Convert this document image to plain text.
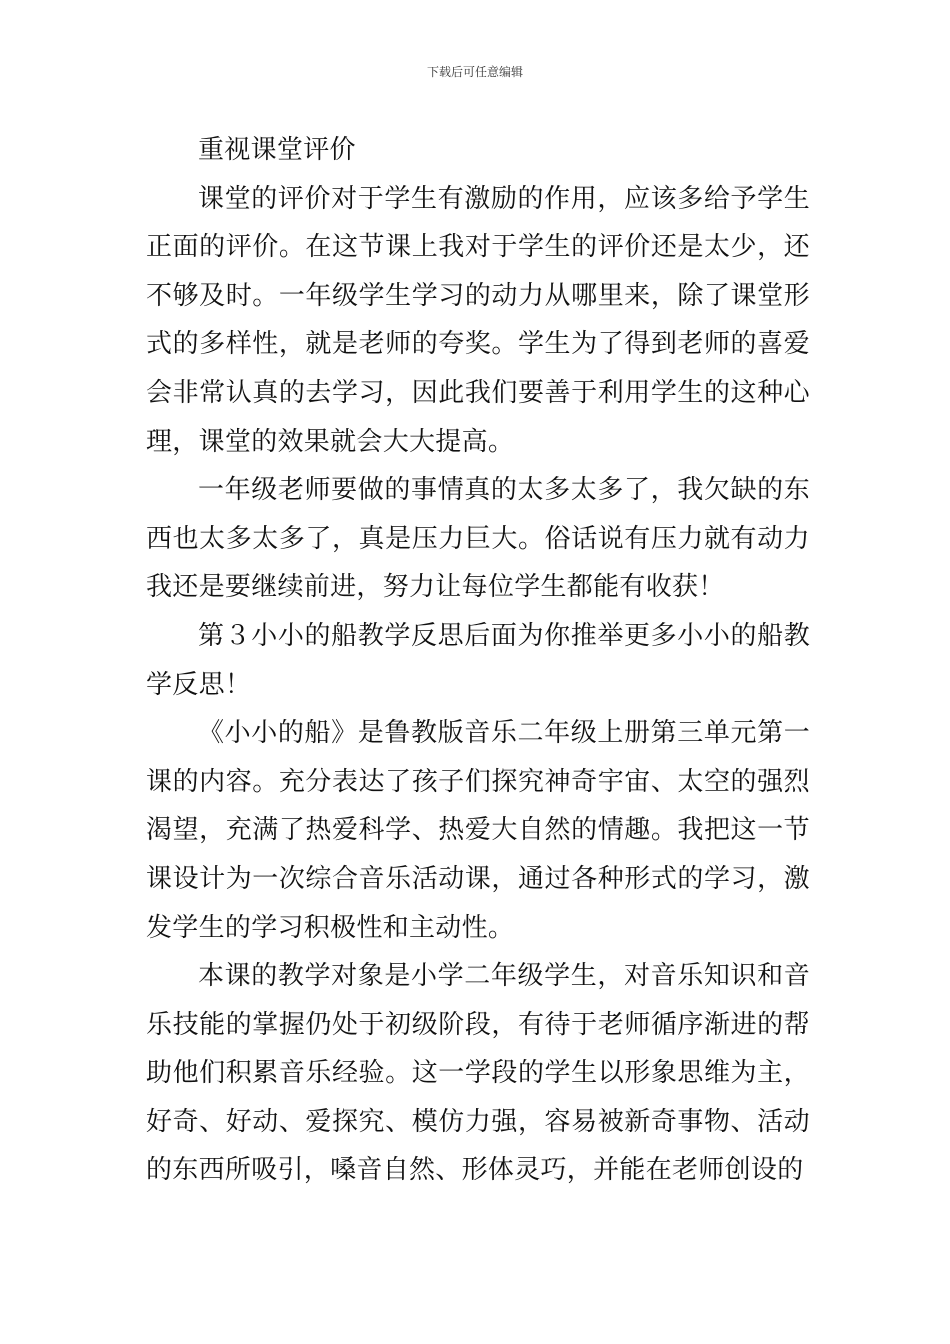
下载后可任意编辑

重视课堂评价

课堂的评价对于学生有激励的作用，应该多给予学生正面的评价。在这节课上我对于学生的评价还是太少，还不够及时。一年级学生学习的动力从哪里来，除了课堂形式的多样性，就是老师的夸奖。学生为了得到老师的喜爱会非常认真的去学习，因此我们要善于利用学生的这种心理，课堂的效果就会大大提高。

一年级老师要做的事情真的太多太多了，我欠缺的东西也太多太多了，真是压力巨大。俗话说有压力就有动力我还是要继续前进，努力让每位学生都能有收获！

第３小小的船教学反思后面为你推举更多小小的船教学反思！

《小小的船》是鲁教版音乐二年级上册第三单元第一课的内容。充分表达了孩子们探究神奇宇宙、太空的强烈渴望，充满了热爱科学、热爱大自然的情趣。我把这一节课设计为一次综合音乐活动课，通过各种形式的学习，激发学生的学习积极性和主动性。

本课的教学对象是小学二年级学生，对音乐知识和音乐技能的掌握仍处于初级阶段，有待于老师循序渐进的帮助他们积累音乐经验。这一学段的学生以形象思维为主，好奇、好动、爱探究、模仿力强，容易被新奇事物、活动的东西所吸引，嗓音自然、形体灵巧，并能在老师创设的
